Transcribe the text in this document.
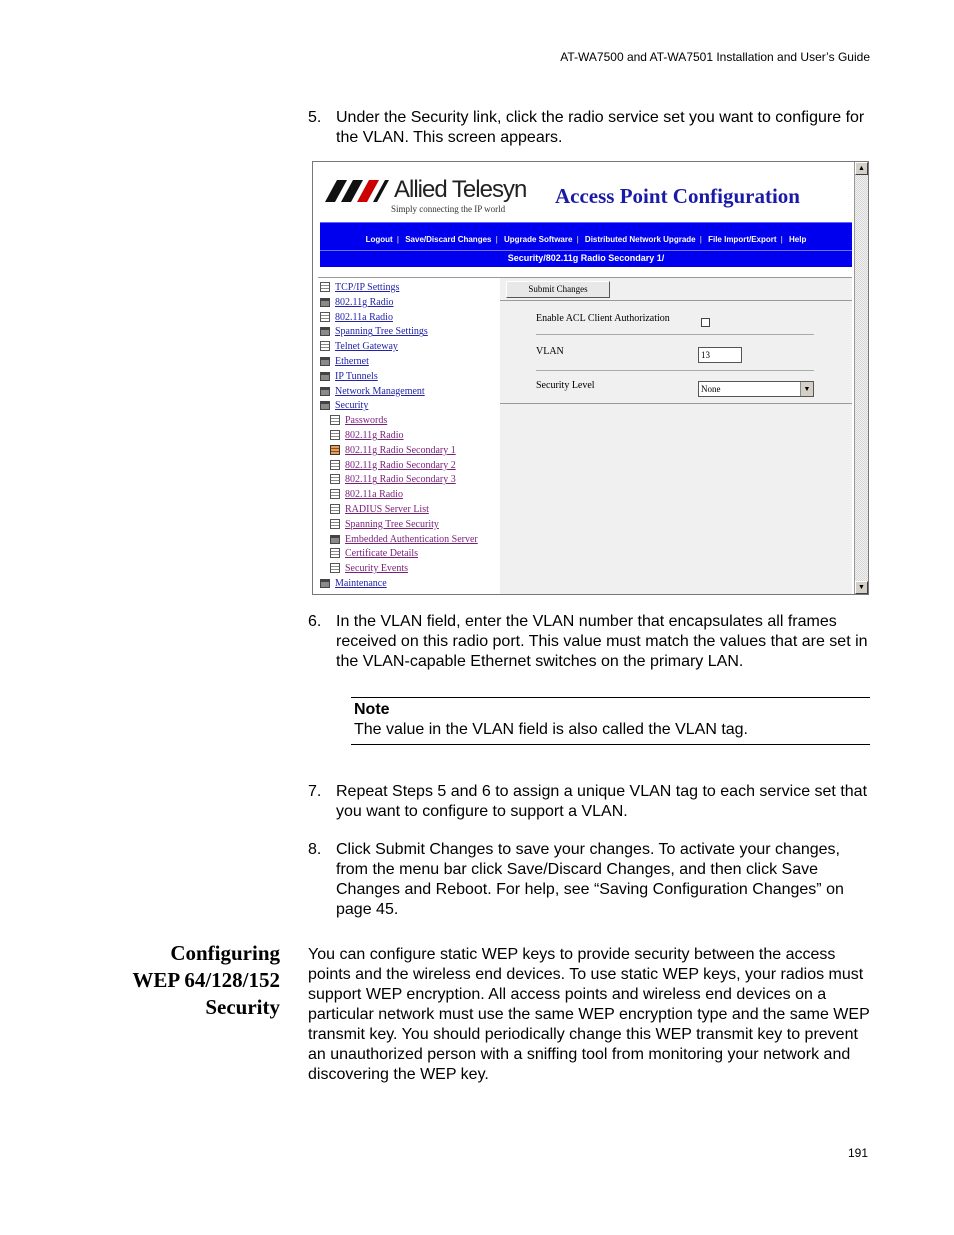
AT-WA7500 and AT-WA7501 Installation and User’s Guide
5. Under the Security link, click the radio service set you want to configure for the VLAN. This screen appears.
▲
▼
Allied Telesyn
Simply connecting the IP world
Access Point Configuration
Logout | Save/Discard Changes | Upgrade Software | Distributed Network Upgrade | File Import/Export | Help
Security/802.11g Radio Secondary 1/
TCP/IP Settings
802.11g Radio
802.11a Radio
Spanning Tree Settings
Telnet Gateway
Ethernet
IP Tunnels
Network Management
Security
Passwords
802.11g Radio
802.11g Radio Secondary 1
802.11g Radio Secondary 2
802.11g Radio Secondary 3
802.11a Radio
RADIUS Server List
Spanning Tree Security
Embedded Authentication Server
Certificate Details
Security Events
Maintenance
Submit Changes
Enable ACL Client Authorization
VLAN	13
Security Level	None	▼
6. In the VLAN field, enter the VLAN number that encapsulates all frames received on this radio port. This value must match the values that are set in the VLAN-capable Ethernet switches on the primary LAN.
Note
The value in the VLAN field is also called the VLAN tag.
7. Repeat Steps 5 and 6 to assign a unique VLAN tag to each service set that you want to configure to support a VLAN.
8. Click Submit Changes to save your changes. To activate your changes, from the menu bar click Save/Discard Changes, and then click Save Changes and Reboot. For help, see “Saving Configuration Changes” on page 45.
Configuring
WEP 64/128/152
Security
You can configure static WEP keys to provide security between the access points and the wireless end devices. To use static WEP keys, your radios must support WEP encryption. All access points and wireless end devices on a particular network must use the same WEP encryption type and the same WEP transmit key. You should periodically change this WEP transmit key to prevent an unauthorized person with a sniffing tool from monitoring your network and discovering the WEP key.
191
